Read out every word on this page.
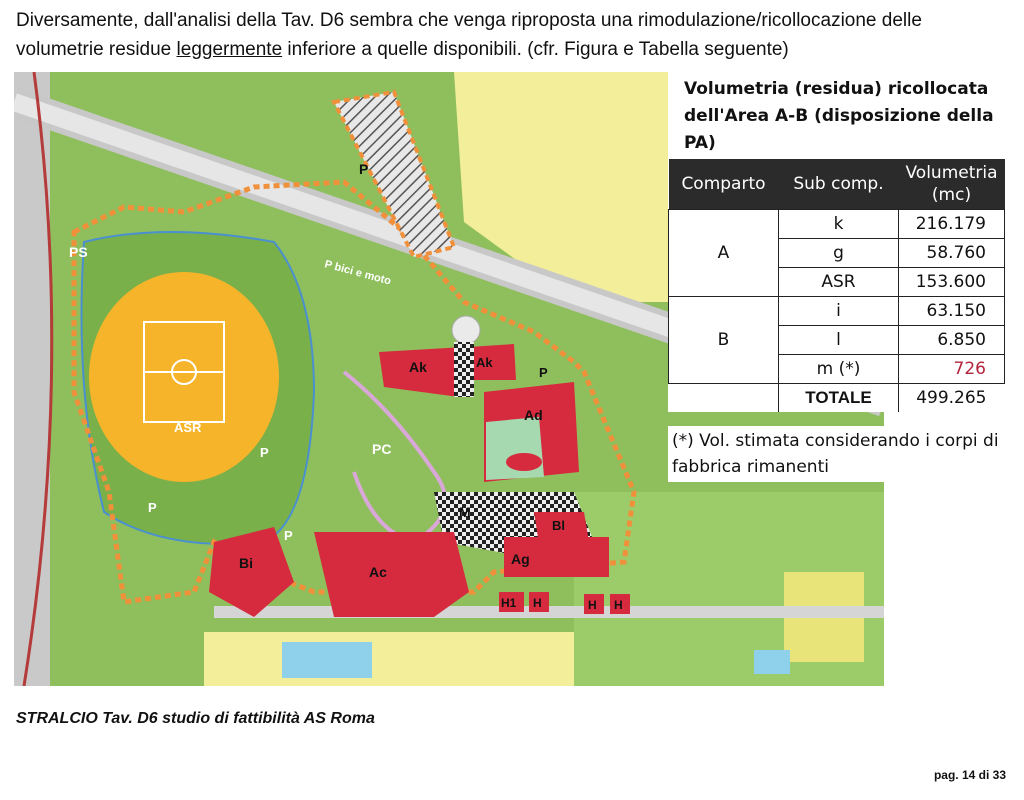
Diversamente, dall'analisi della Tav. D6 sembra che venga riproposta una rimodulazione/ricollocazione delle
volumetrie residue leggermente inferiore a quelle disponibili. (cfr. Figura e Tabella seguente)
P
PS
P bici e moto
ASR
P
P
P
PC
Ak	Ak
P
Ad
M
Bl
Bi
Ac
Ag
H1 H	H H
Volumetria (residua) ricollocata dell'Area A-B (disposizione della PA)
Comparto	Sub comp.	Volumetria (mc)
A	k	216.179
	g	58.760
	ASR	153.600
B	i	63.150
	l	6.850
	m (*)	726
	TOTALE	499.265
(*) Vol. stimata considerando i corpi di fabbrica rimanenti
STRALCIO Tav. D6 studio di fattibilità AS Roma
pag. 14 di 33
